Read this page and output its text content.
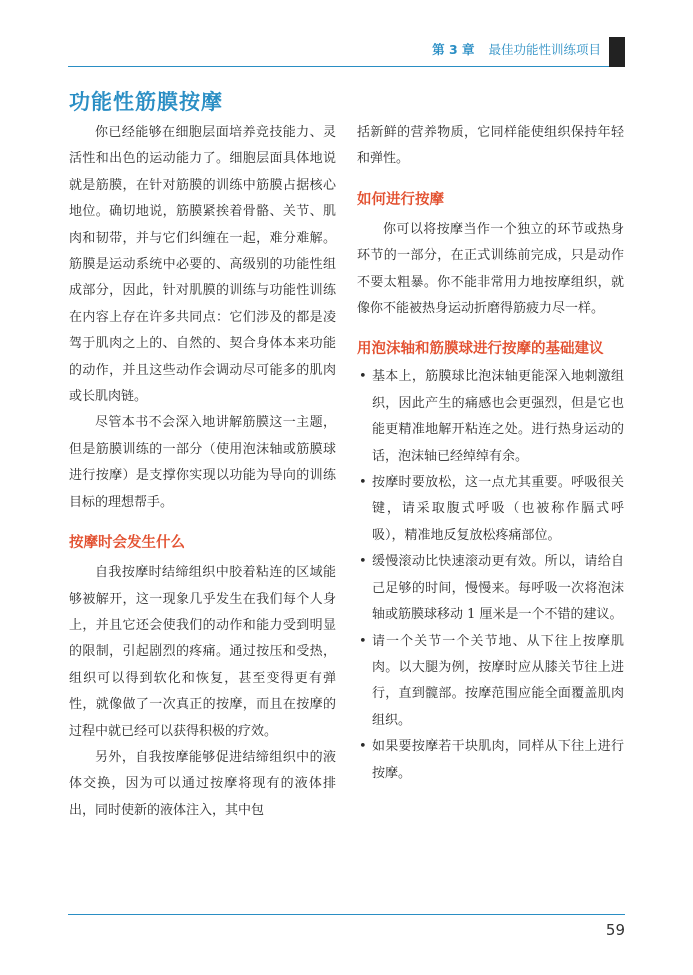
第 3 章 最佳功能性训练项目
功能性筋膜按摩

你已经能够在细胞层面培养竞技能力、灵活性和出色的运动能力了。细胞层面具体地说就是筋膜，在针对筋膜的训练中筋膜占据核心地位。确切地说，筋膜紧挨着骨骼、关节、肌肉和韧带，并与它们纠缠在一起，难分难解。筋膜是运动系统中必要的、高级别的功能性组成部分，因此，针对肌膜的训练与功能性训练在内容上存在许多共同点：它们涉及的都是凌驾于肌肉之上的、自然的、契合身体本来功能的动作，并且这些动作会调动尽可能多的肌肉或长肌肉链。

尽管本书不会深入地讲解筋膜这一主题，但是筋膜训练的一部分（使用泡沫轴或筋膜球进行按摩）是支撑你实现以功能为导向的训练目标的理想帮手。

按摩时会发生什么

自我按摩时结缔组织中胶着粘连的区域能够被解开，这一现象几乎发生在我们每个人身上，并且它还会使我们的动作和能力受到明显的限制，引起剧烈的疼痛。通过按压和受热，组织可以得到软化和恢复，甚至变得更有弹性，就像做了一次真正的按摩，而且在按摩的过程中就已经可以获得积极的疗效。

另外，自我按摩能够促进结缔组织中的液体交换，因为可以通过按摩将现有的液体排出，同时使新的液体注入，其中包

括新鲜的营养物质，它同样能使组织保持年轻和弹性。

如何进行按摩

你可以将按摩当作一个独立的环节或热身环节的一部分，在正式训练前完成，只是动作不要太粗暴。你不能非常用力地按摩组织，就像你不能被热身运动折磨得筋疲力尽一样。

用泡沫轴和筋膜球进行按摩的基础建议
• 基本上，筋膜球比泡沫轴更能深入地刺激组织，因此产生的痛感也会更强烈，但是它也能更精准地解开粘连之处。进行热身运动的话，泡沫轴已经绰绰有余。

• 按摩时要放松，这一点尤其重要。呼吸很关键，请采取腹式呼吸（也被称作膈式呼吸），精准地反复放松疼痛部位。

• 缓慢滚动比快速滚动更有效。所以，请给自己足够的时间，慢慢来。每呼吸一次将泡沫轴或筋膜球移动 1 厘米是一个不错的建议。

• 请一个关节一个关节地、从下往上按摩肌肉。以大腿为例，按摩时应从膝关节往上进行，直到髋部。按摩范围应能全面覆盖肌肉组织。

• 如果要按摩若干块肌肉，同样从下往上进行按摩。

59
